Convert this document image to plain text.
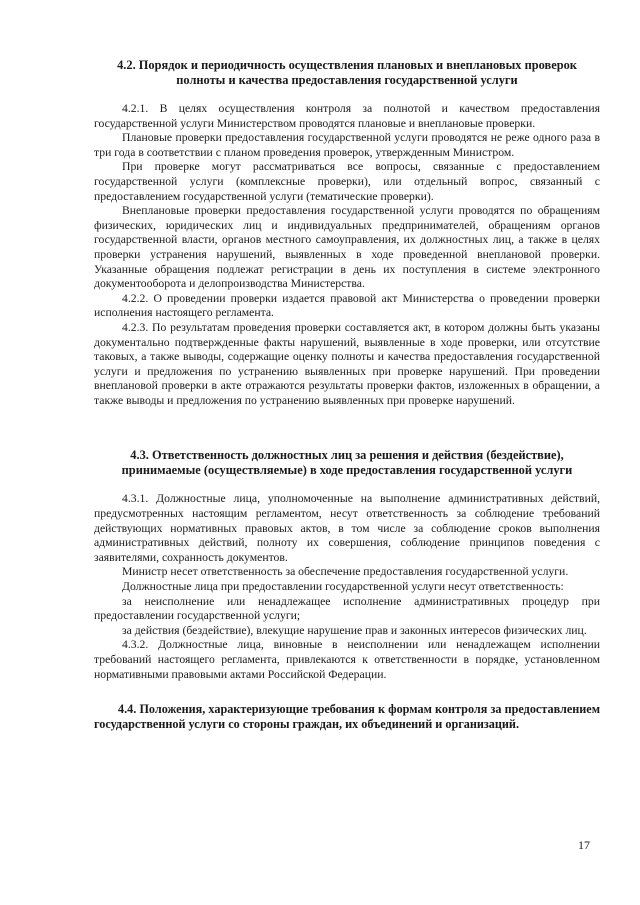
4.2. Порядок и периодичность осуществления плановых и внеплановых проверок
полноты и качества предоставления государственной услуги

4.2.1. В целях осуществления контроля за полнотой и качеством предоставления государственной услуги Министерством проводятся плановые и внеплановые проверки.

Плановые проверки предоставления государственной услуги проводятся не реже одного раза в три года в соответствии с планом проведения проверок, утвержденным Министром.

При проверке могут рассматриваться все вопросы, связанные с предоставлением государственной услуги (комплексные проверки), или отдельный вопрос, связанный с предоставлением государственной услуги (тематические проверки).

Внеплановые проверки предоставления государственной услуги проводятся по обращениям физических, юридических лиц и индивидуальных предпринимателей, обращениям органов государственной власти, органов местного самоуправления, их должностных лиц, а также в целях проверки устранения нарушений, выявленных в ходе проведенной внеплановой проверки. Указанные обращения подлежат регистрации в день их поступления в системе электронного документооборота и делопроизводства Министерства.

4.2.2. О проведении проверки издается правовой акт Министерства о проведении проверки исполнения настоящего регламента.

4.2.3. По результатам проведения проверки составляется акт, в котором должны быть указаны документально подтвержденные факты нарушений, выявленные в ходе проверки, или отсутствие таковых, а также выводы, содержащие оценку полноты и качества предоставления государственной услуги и предложения по устранению выявленных при проверке нарушений. При проведении внеплановой проверки в акте отражаются результаты проверки фактов, изложенных в обращении, а также выводы и предложения по устранению выявленных при проверке нарушений.

4.3. Ответственность должностных лиц за решения и действия (бездействие),
принимаемые (осуществляемые) в ходе предоставления государственной услуги

4.3.1. Должностные лица, уполномоченные на выполнение административных действий, предусмотренных настоящим регламентом, несут ответственность за соблюдение требований действующих нормативных правовых актов, в том числе за соблюдение сроков выполнения административных действий, полноту их совершения, соблюдение принципов поведения с заявителями, сохранность документов.

Министр несет ответственность за обеспечение предоставления государственной услуги.

Должностные лица при предоставлении государственной услуги несут ответственность:

за неисполнение или ненадлежащее исполнение административных процедур при предоставлении государственной услуги;

за действия (бездействие), влекущие нарушение прав и законных интересов физических лиц.

4.3.2. Должностные лица, виновные в неисполнении или ненадлежащем исполнении требований настоящего регламента, привлекаются к ответственности в порядке, установленном нормативными правовыми актами Российской Федерации.

4.4. Положения, характеризующие требования к формам контроля за предоставлением государственной услуги со стороны граждан, их объединений и организаций.

17
